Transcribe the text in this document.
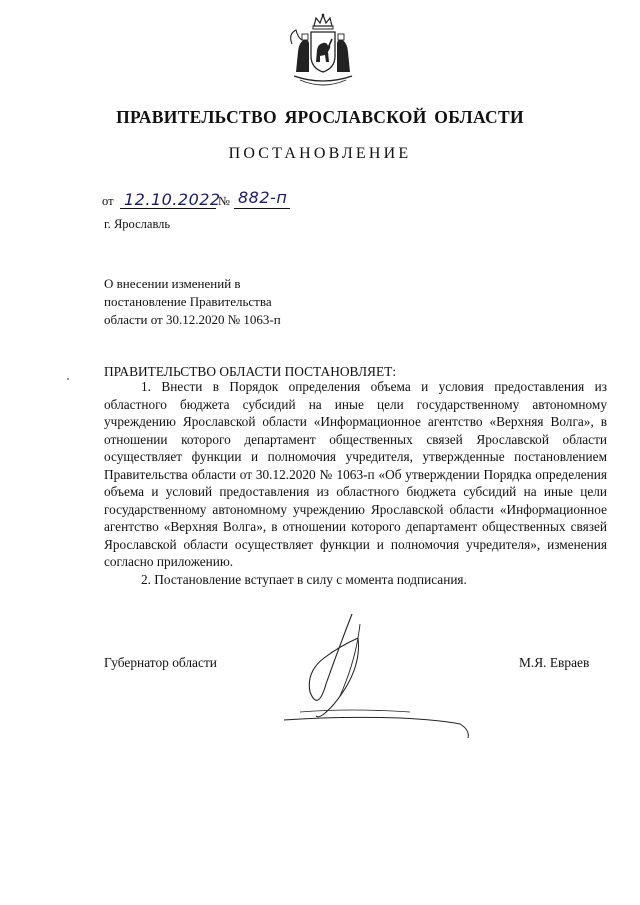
ПРАВИТЕЛЬСТВО ЯРОСЛАВСКОЙ ОБЛАСТИ
ПОСТАНОВЛЕНИЕ
от 12.10.2022
№ 882-п
г. Ярославль
О внесении изменений в
постановление Правительства
области от 30.12.2020 № 1063-п
ПРАВИТЕЛЬСТВО ОБЛАСТИ ПОСТАНОВЛЯЕТ:

1. Внести в Порядок определения объема и условия предоставления из областного бюджета субсидий на иные цели государственному автономному учреждению Ярославской области «Информационное агентство «Верхняя Волга», в отношении которого департамент общественных связей Ярославской области осуществляет функции и полномочия учредителя, утвержденные постановлением Правительства области от 30.12.2020 № 1063-п «Об утверждении Порядка определения объема и условий предоставления из областного бюджета субсидий на иные цели государственному автономному учреждению Ярославской области «Информационное агентство «Верхняя Волга», в отношении которого департамент общественных связей Ярославской области осуществляет функции и полномочия учредителя», изменения согласно приложению.

2. Постановление вступает в силу с момента подписания.

Губернатор области	М.Я. Евраев
